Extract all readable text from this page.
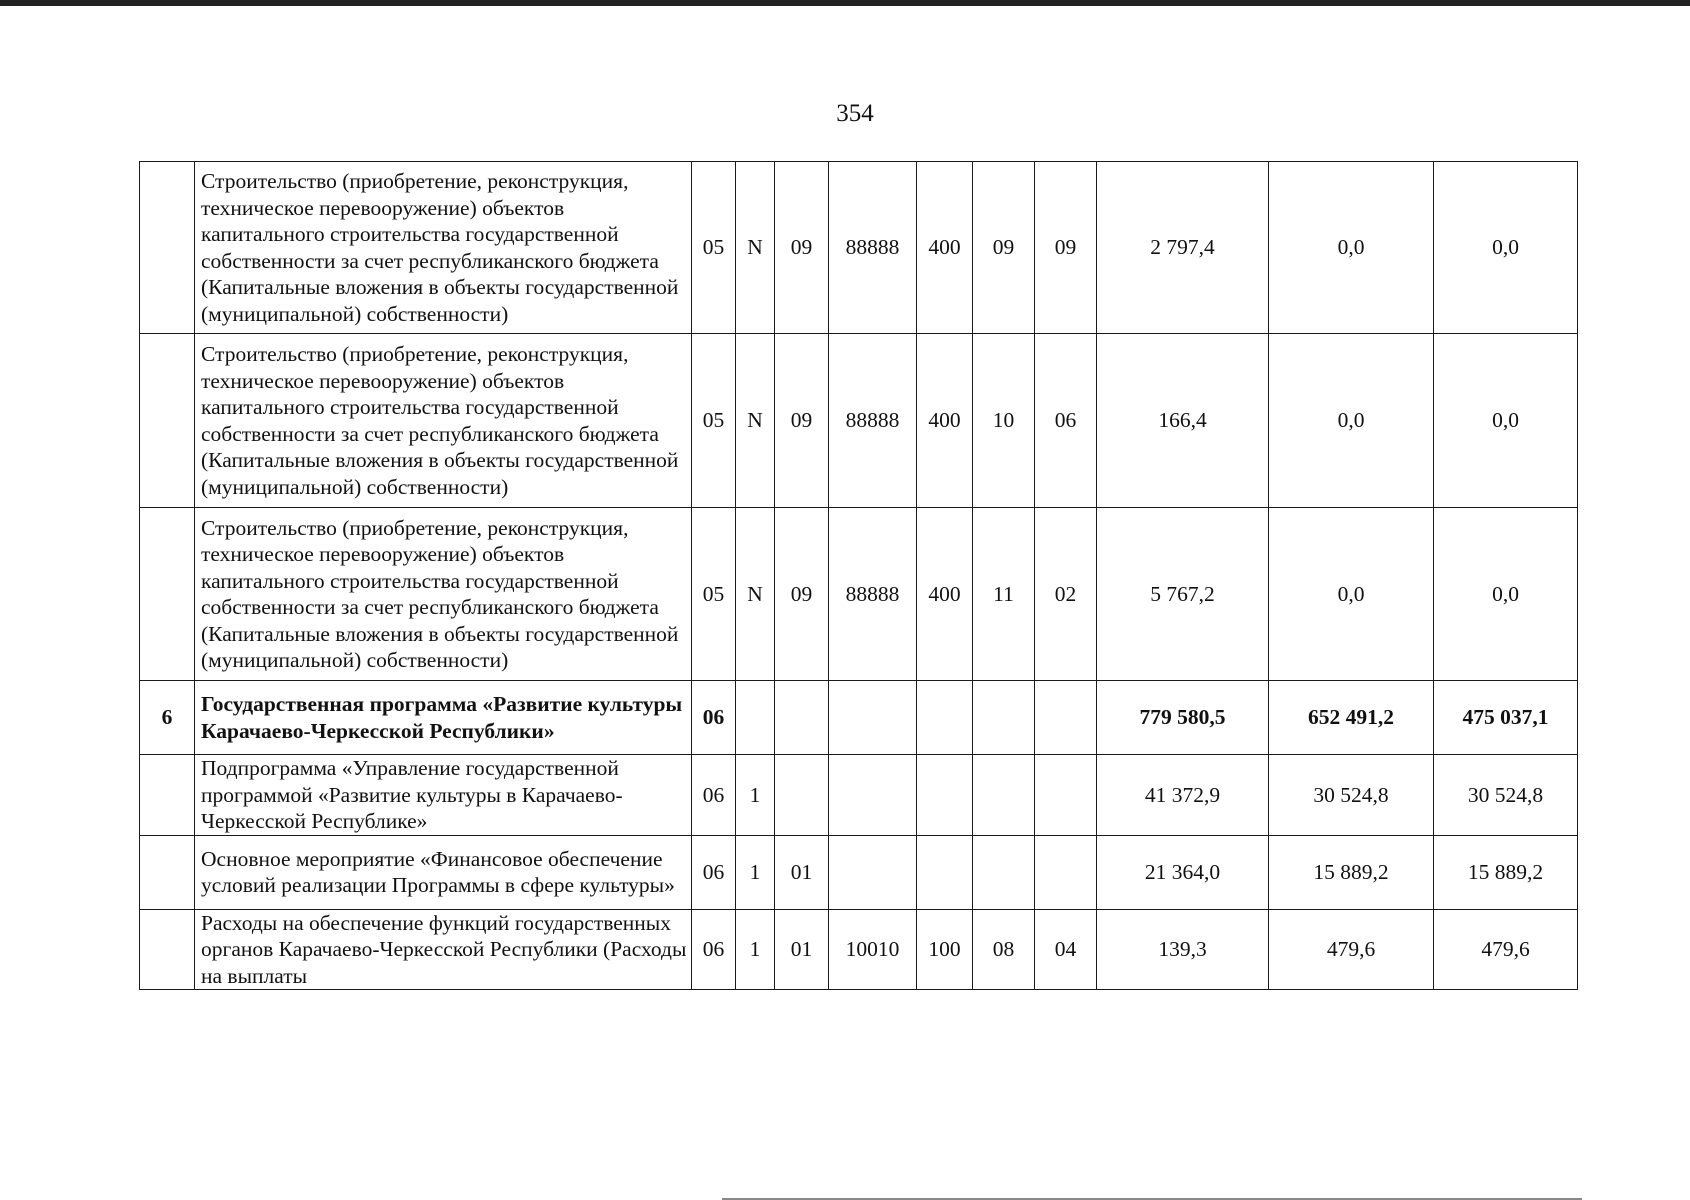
354
	Строительство (приобретение, реконструкция, техническое перевооружение) объектов капитального строительства государственной собственности за счет республиканского бюджета (Капитальные вложения в объекты государственной (муниципальной) собственности)	05	N	09	88888	400	09	09	2 797,4	0,0	0,0
	Строительство (приобретение, реконструкция, техническое перевооружение) объектов капитального строительства государственной собственности за счет республиканского бюджета (Капитальные вложения в объекты государственной (муниципальной) собственности)	05	N	09	88888	400	10	06	166,4	0,0	0,0
	Строительство (приобретение, реконструкция, техническое перевооружение) объектов капитального строительства государственной собственности за счет республиканского бюджета (Капитальные вложения в объекты государственной (муниципальной) собственности)	05	N	09	88888	400	11	02	5 767,2	0,0	0,0
6	Государственная программа «Развитие культуры Карачаево-Черкесской Республики»	06							779 580,5	652 491,2	475 037,1
	Подпрограмма «Управление государственной программой «Развитие культуры в Карачаево-Черкесской Республике»	06	1						41 372,9	30 524,8	30 524,8
	Основное мероприятие «Финансовое обеспечение условий реализации Программы в сфере культуры»	06	1	01					21 364,0	15 889,2	15 889,2
	Расходы на обеспечение функций государственных органов Карачаево-Черкесской Республики (Расходы на выплаты	06	1	01	10010	100	08	04	139,3	479,6	479,6
